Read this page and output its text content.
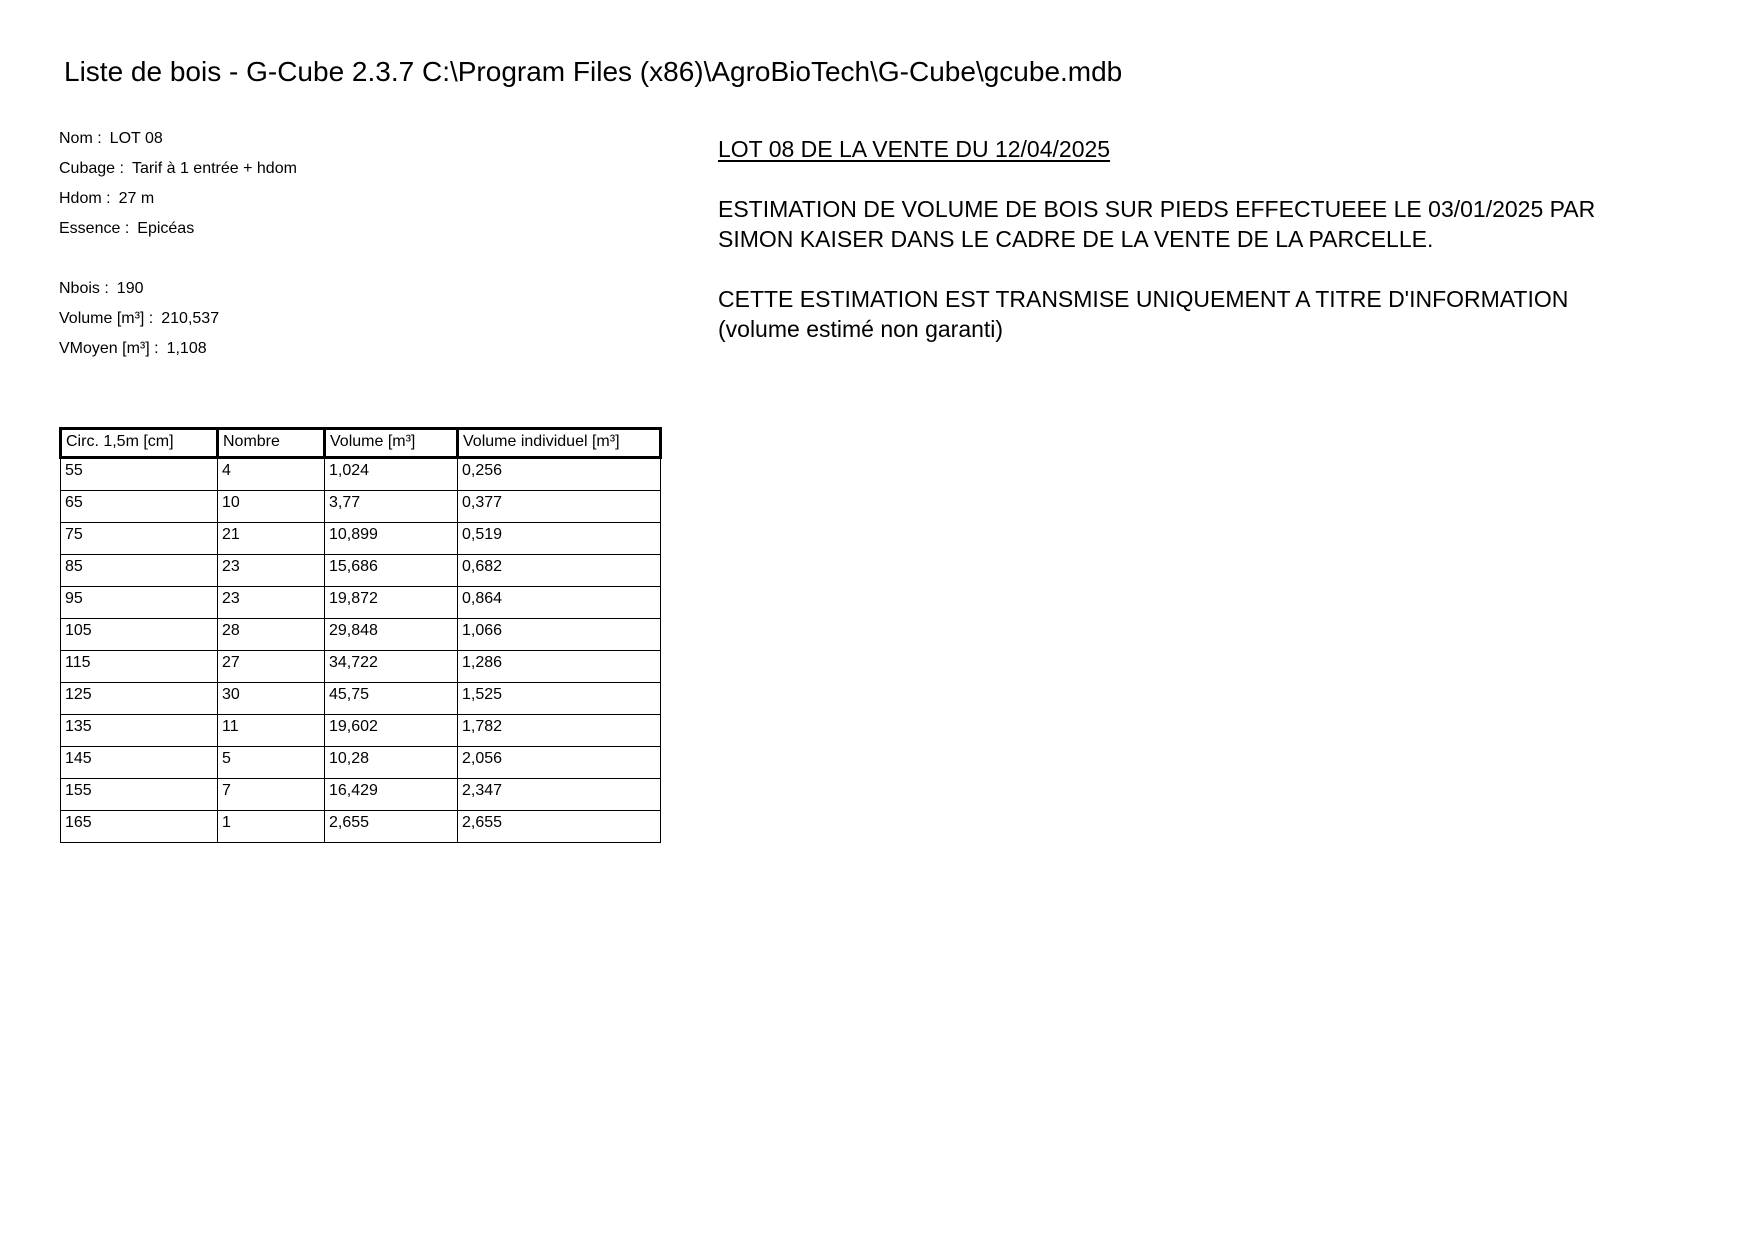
Liste de bois - G-Cube 2.3.7 C:\Program Files (x86)\AgroBioTech\G-Cube\gcube.mdb
Nom : LOT 08
Cubage : Tarif à 1 entrée + hdom
Hdom : 27 m
Essence : Epicéas
Nbois : 190
Volume [m³] : 210,537
VMoyen [m³] : 1,108

LOT 08 DE LA VENTE DU 12/04/2025

ESTIMATION DE VOLUME DE BOIS SUR PIEDS EFFECTUEEE LE 03/01/2025 PAR

SIMON KAISER DANS LE CADRE DE LA VENTE DE LA PARCELLE.

CETTE ESTIMATION EST TRANSMISE UNIQUEMENT A TITRE D'INFORMATION

(volume estimé non garanti)

Circ. 1,5m [cm]	Nombre	Volume [m³]	Volume individuel [m³]
55	4	1,024	0,256
65	10	3,77	0,377
75	21	10,899	0,519
85	23	15,686	0,682
95	23	19,872	0,864
105	28	29,848	1,066
115	27	34,722	1,286
125	30	45,75	1,525
135	11	19,602	1,782
145	5	10,28	2,056
155	7	16,429	2,347
165	1	2,655	2,655
